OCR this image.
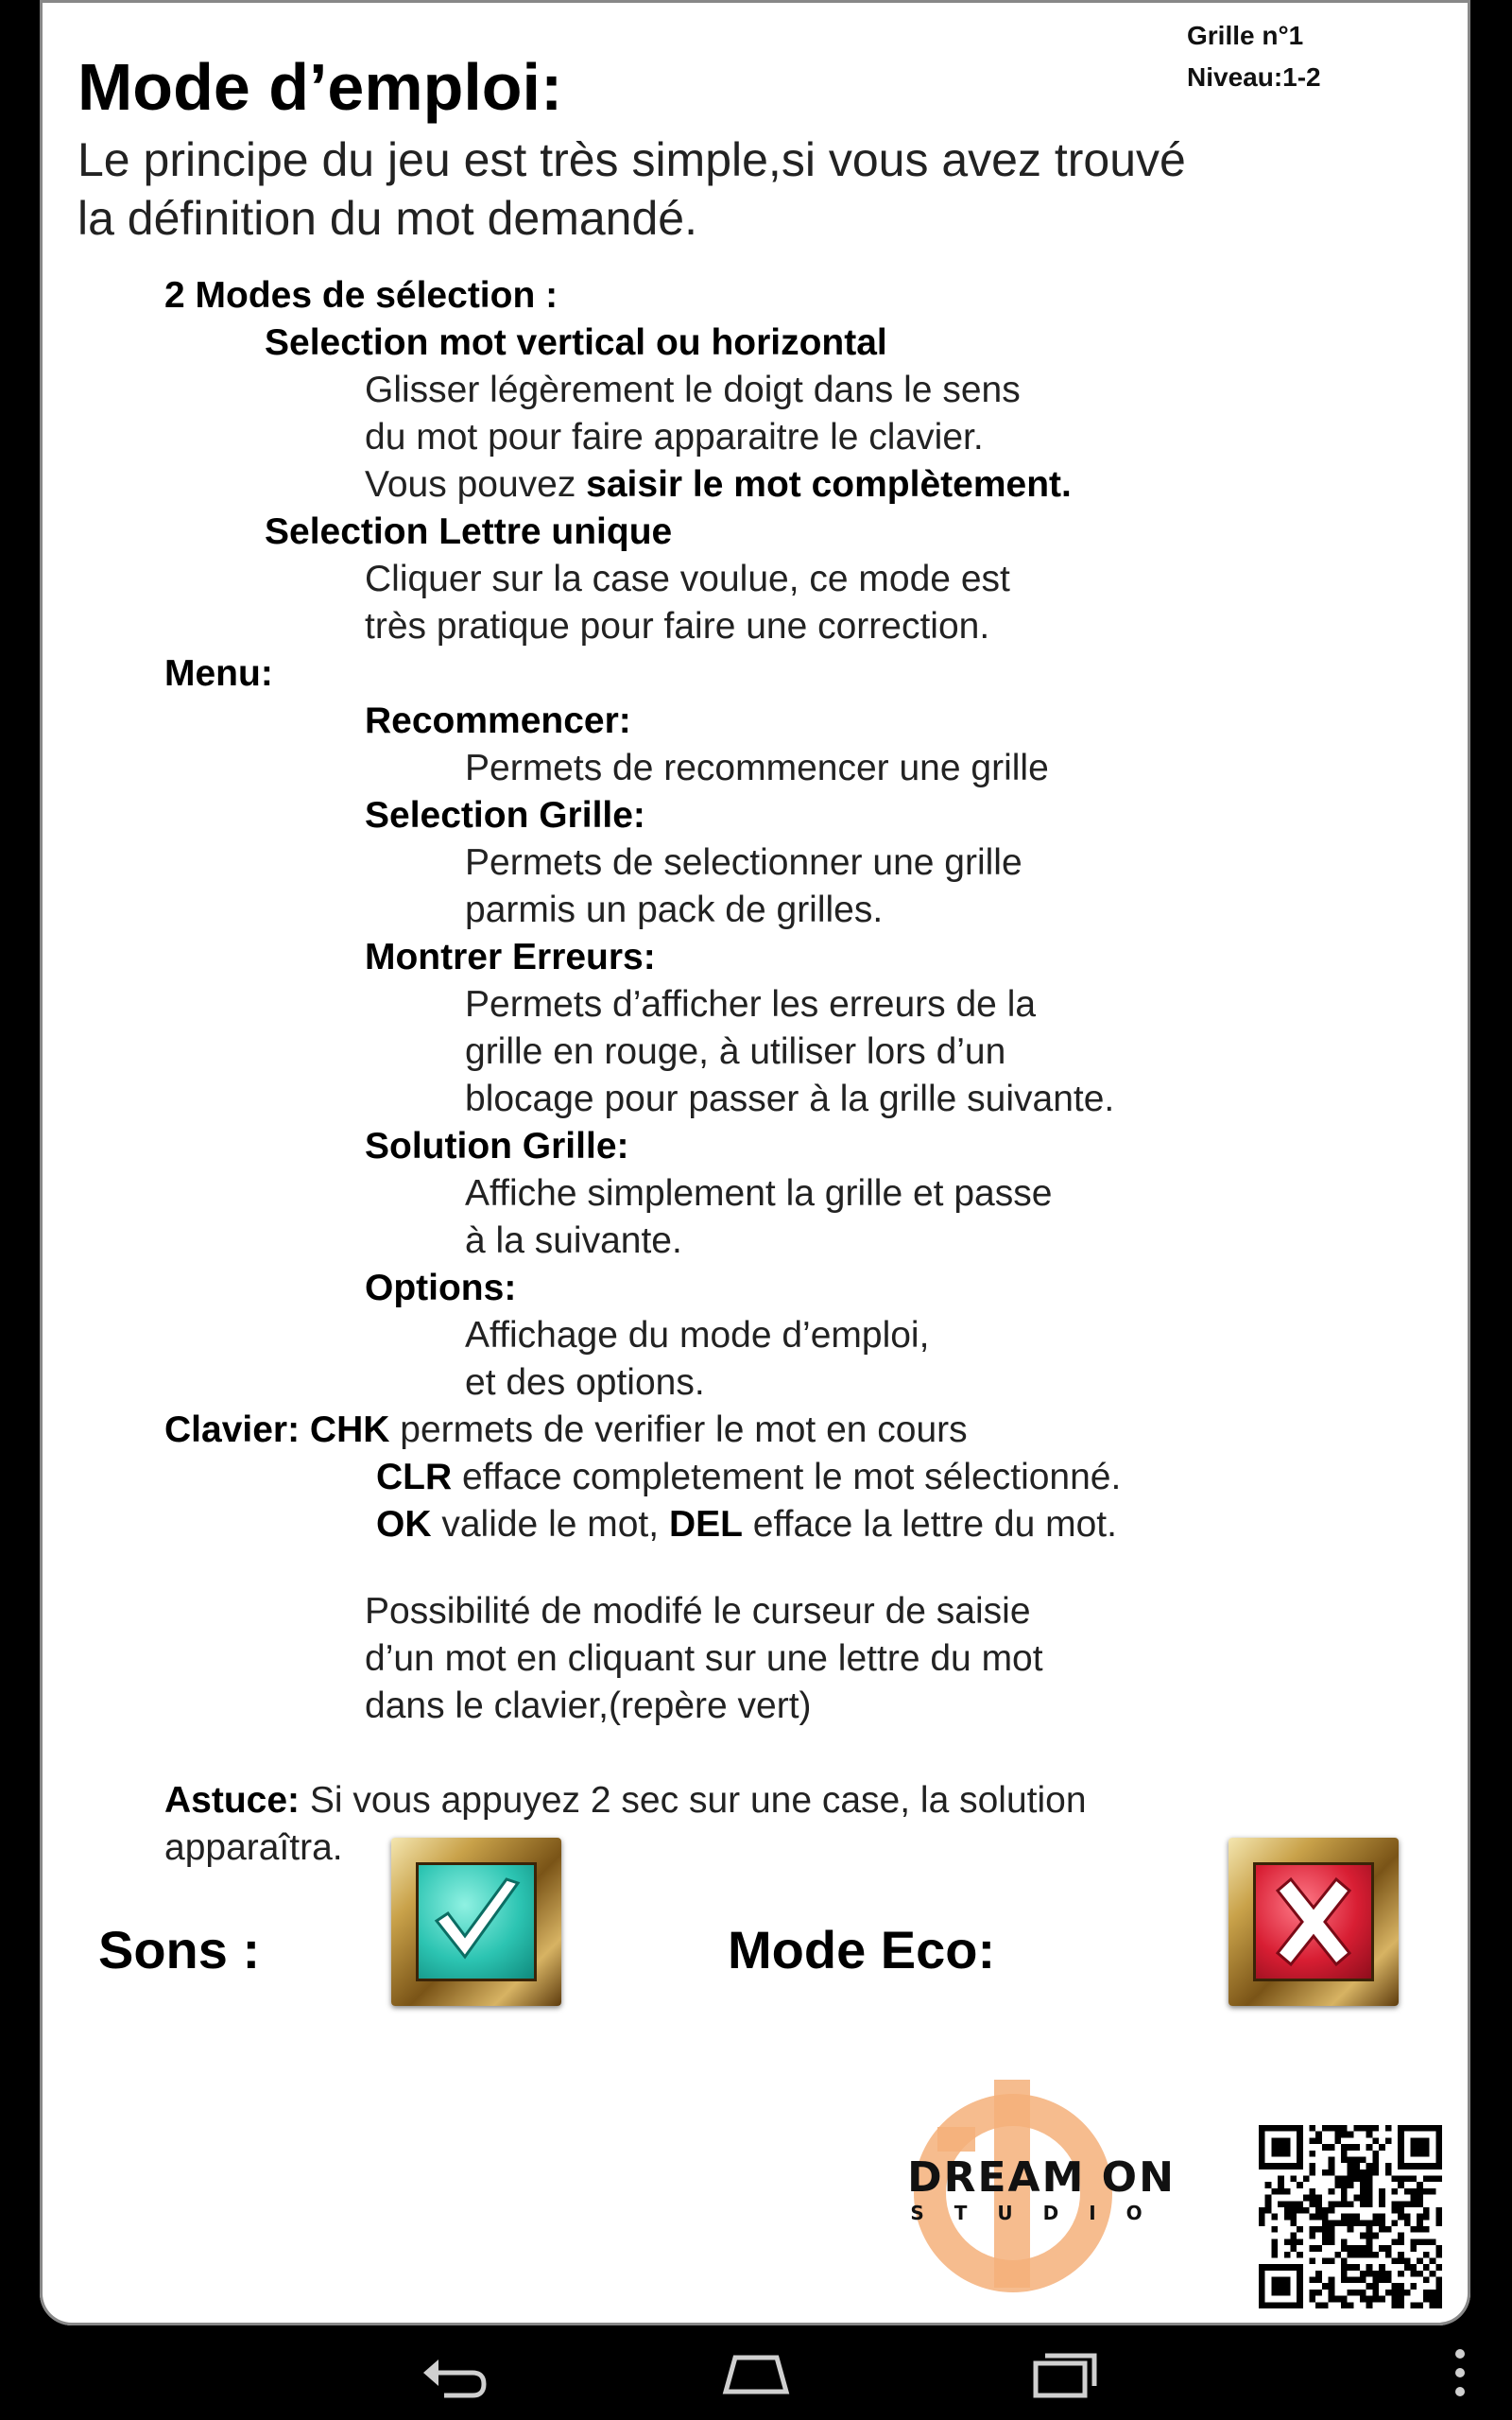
Grille n°1
Niveau:1-2
Mode d’emploi:
Le principe du jeu est très simple,si vous avez trouvé
la définition du mot demandé.
2 Modes de sélection :
Selection mot vertical ou horizontal
Glisser légèrement le doigt dans le sens
du mot pour faire apparaitre le clavier.
Vous pouvez saisir le mot complètement.
Selection Lettre unique
Cliquer sur la case voulue, ce mode est
très pratique pour faire une correction.
Menu:
Recommencer:
Permets de recommencer une grille
Selection Grille:
Permets de selectionner une grille
parmis un pack de grilles.
Montrer Erreurs:
Permets d’afficher les erreurs de la
grille en rouge, à utiliser lors d’un
blocage pour passer à la grille suivante.
Solution Grille:
Affiche simplement la grille et passe
à la suivante.
Options:
Affichage du mode d’emploi,
et des options.
Clavier: CHK permets de verifier le mot en cours
CLR efface completement le mot sélectionné.
OK valide le mot, DEL efface la lettre du mot.
Possibilité de modifé le curseur de saisie
d’un mot en cliquant sur une lettre du mot
dans le clavier,(repère vert)
Astuce: Si vous appuyez 2 sec sur une case, la solution
apparaîtra.
Sons :	Mode Eco:
DREAM ON
STUDIO
